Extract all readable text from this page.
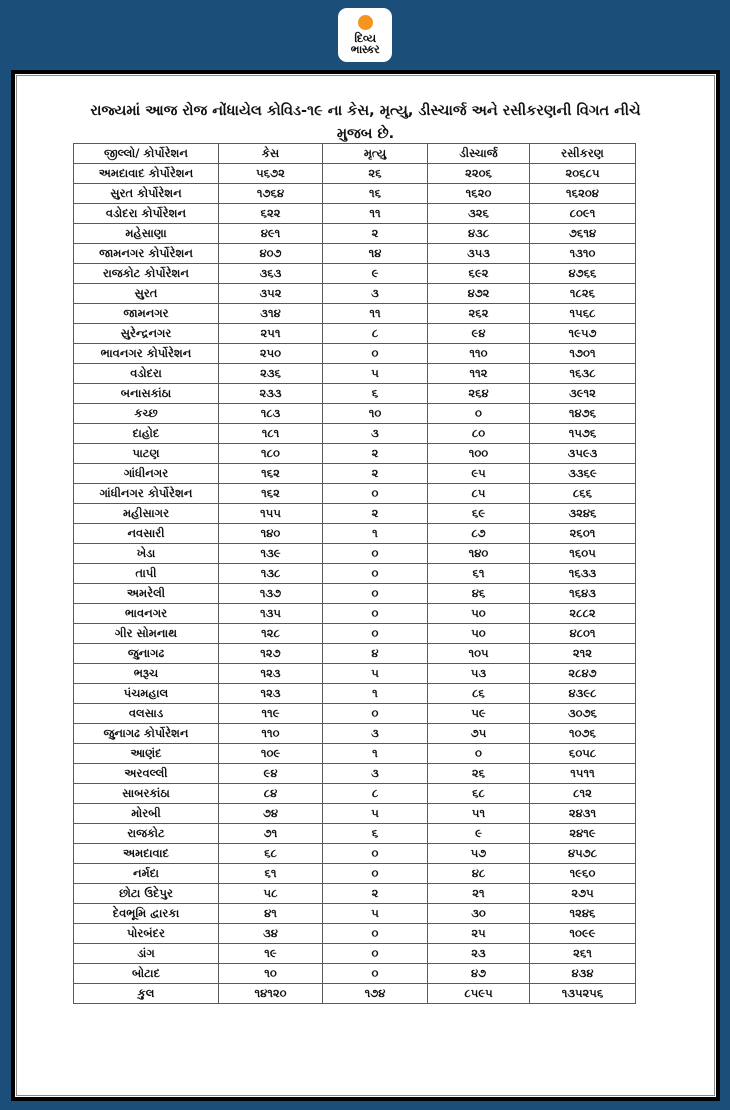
દિવ્ય
ભાસ્કર
રાજ્યમાં આજ રોજ નોંધાયેલ કોવિડ-૧૯ ના કેસ, મૃત્યુ, ડીસ્ચાર્જ અને રસીકરણની વિગત નીચે
મુજબ છે.
જીલ્લો/ કોર્પોરેશન	કેસ	મૃત્યુ	ડીસ્ચાર્જ	રસીકરણ
અમદાવાદ કોર્પોરેશન	૫૬૭૨	૨૬	૨૨૦૬	૨૦૬૮૫
સુરત કોર્પોરેશન	૧૭૬૪	૧૬	૧૬૨૦	૧૬૨૦૪
વડોદરા કોર્પોરેશન	૬૨૨	૧૧	૩૨૬	૮૦૯૧
મહેસાણા	૪૯૧	૨	૪૩૮	૭૬૧૪
જામનગર કોર્પોરેશન	૪૦૭	૧૪	૩૫૩	૧૩૧૦
રાજકોટ કોર્પોરેશન	૩૬૩	૯	૬૯૨	૪૭૬૬
સુરત	૩૫૨	૩	૪૭૨	૧૮૨૬
જામનગર	૩૧૪	૧૧	૨૬૨	૧૫૬૮
સુરેન્દ્રનગર	૨૫૧	૮	૯૪	૧૯૫૭
ભાવનગર કોર્પોરેશન	૨૫૦	૦	૧૧૦	૧૭૦૧
વડોદરા	૨૩૬	૫	૧૧૨	૧૬૩૮
બનાસકાંઠા	૨૩૩	૬	૨૬૪	૩૯૧૨
કચ્છ	૧૮૩	૧૦	૦	૧૪૭૬
દાહોદ	૧૮૧	૩	૮૦	૧૫૭૬
પાટણ	૧૮૦	૨	૧૦૦	૩૫૯૩
ગાંધીનગર	૧૬૨	૨	૯૫	૩૩૬૯
ગાંધીનગર કોર્પોરેશન	૧૬૨	૦	૮૫	૮૬૬
મહીસાગર	૧૫૫	૨	૬૯	૩૨૪૬
નવસારી	૧૪૦	૧	૮૭	૨૬૦૧
ખેડા	૧૩૯	૦	૧૪૦	૧૬૦૫
તાપી	૧૩૮	૦	૬૧	૧૬૩૩
અમરેલી	૧૩૭	૦	૪૬	૧૬૪૩
ભાવનગર	૧૩૫	૦	૫૦	૨૮૮૨
ગીર સોમનાથ	૧૨૮	૦	૫૦	૪૮૦૧
જુનાગઢ	૧૨૭	૪	૧૦૫	૨૧૨
ભરૂચ	૧૨૩	૫	૫૩	૨૮૪૭
પંચમહાલ	૧૨૩	૧	૮૬	૪૩૯૮
વલસાડ	૧૧૯	૦	૫૯	૩૦૭૬
જુનાગઢ કોર્પોરેશન	૧૧૦	૩	૭૫	૧૦૭૬
આણંદ	૧૦૯	૧	૦	૬૦૫૮
અરવલ્લી	૯૪	૩	૨૬	૧૫૧૧
સાબરકાંઠા	૮૪	૮	૬૮	૮૧૨
મોરબી	૭૪	૫	૫૧	૨૪૩૧
રાજકોટ	૭૧	૬	૯	૨૪૧૯
અમદાવાદ	૬૮	૦	૫૭	૪૫૭૮
નર્મદા	૬૧	૦	૪૮	૧૯૬૦
છોટા ઉદેપુર	૫૮	૨	૨૧	૨૭૫
દેવભૂમિ દ્વારકા	૪૧	૫	૩૦	૧૨૪૬
પોરબંદર	૩૪	૦	૨૫	૧૦૯૯
ડાંગ	૧૯	૦	૨૩	૨૬૧
બોટાદ	૧૦	૦	૪૭	૪૩૪
કુલ	૧૪૧૨૦	૧૭૪	૮૫૯૫	૧૩૫૨૫૬
